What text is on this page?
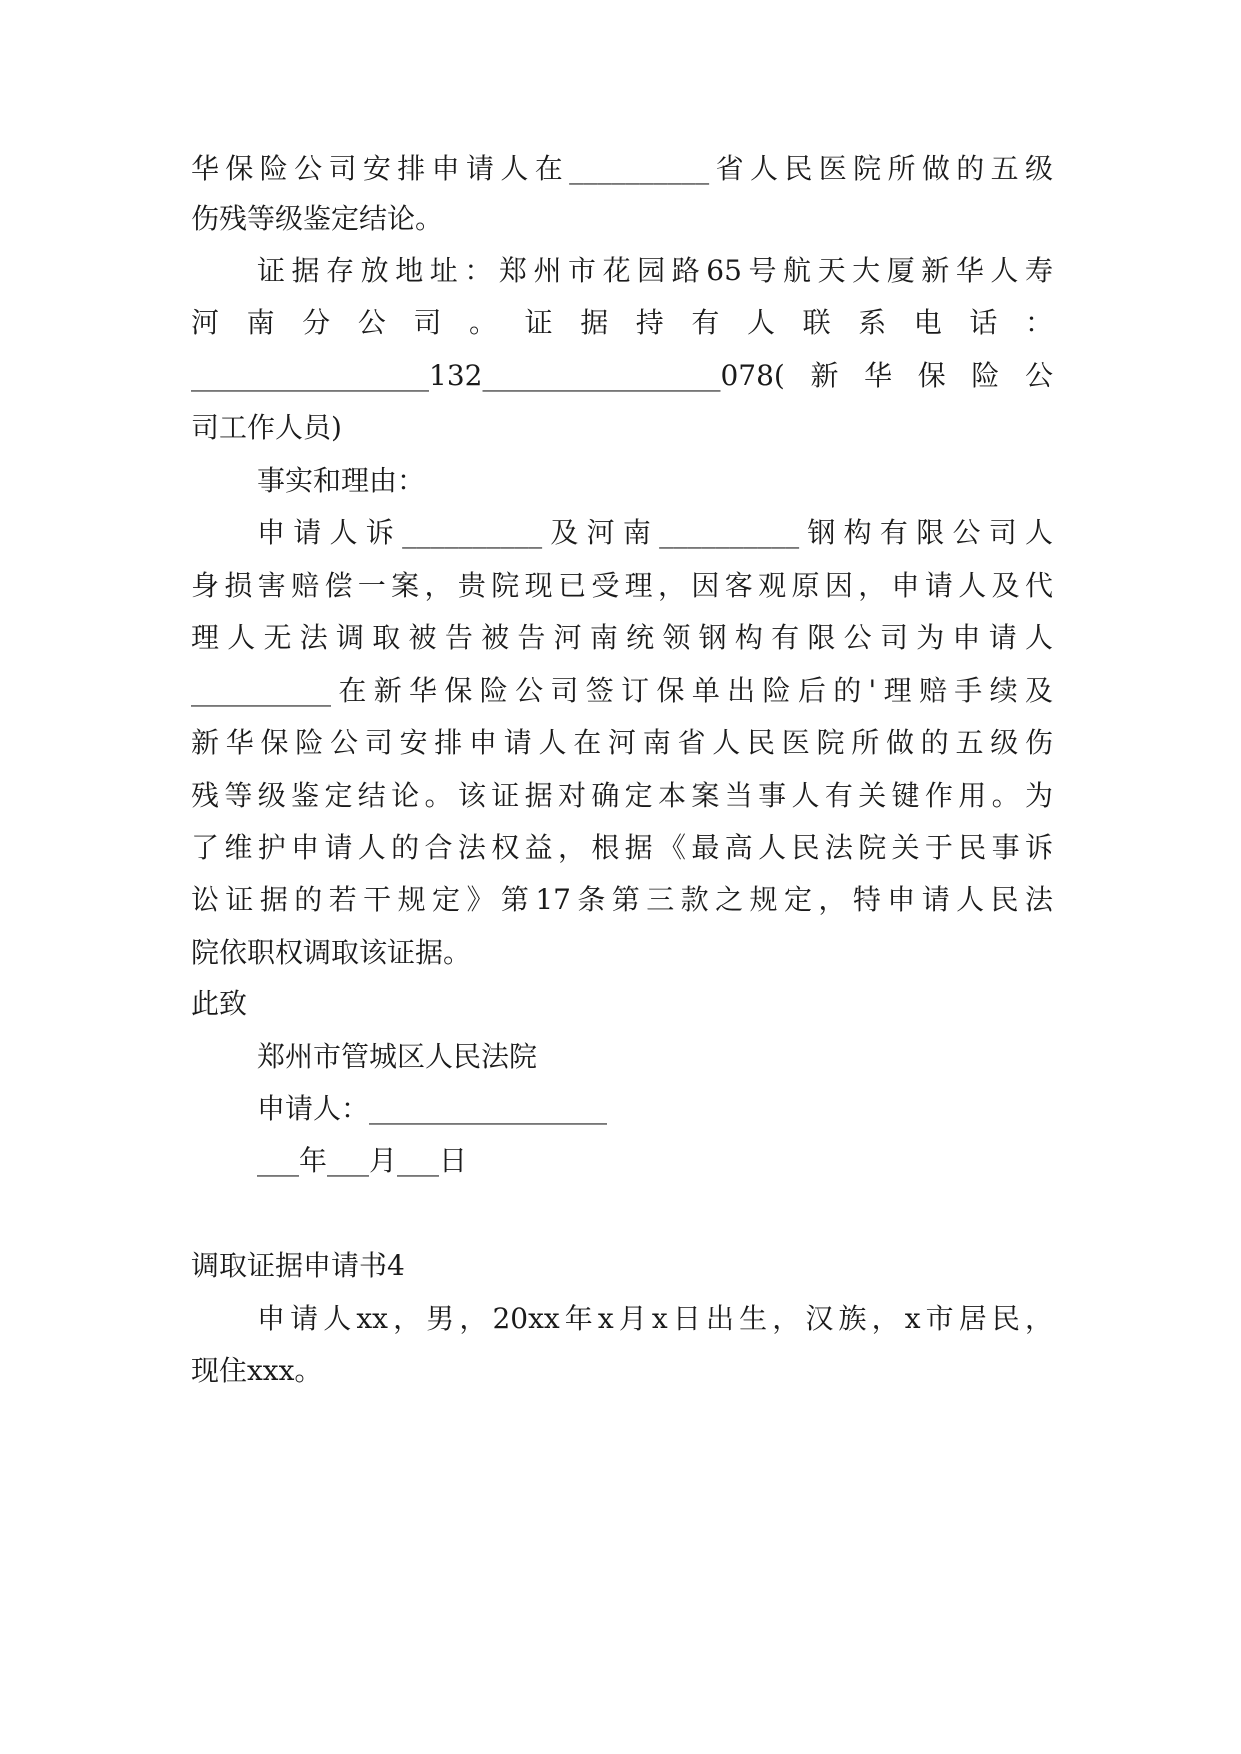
华保险公司安排申请人在__________省人民医院所做的五级
伤残等级鉴定结论。
证据存放地址：郑州市花园路65号航天大厦新华人寿
河 南 分 公 司 。 证 据 持 有 人 联 系 电 话 ：
_________________132_________________078(新华保险公
司工作人员)
事实和理由：
申请人诉__________及河南__________钢构有限公司人
身损害赔偿一案，贵院现已受理，因客观原因，申请人及代
理人无法调取被告被告河南统领钢构有限公司为申请人
__________在新华保险公司签订保单出险后的'理赔手续及
新华保险公司安排申请人在河南省人民医院所做的五级伤
残等级鉴定结论。该证据对确定本案当事人有关键作用。为
了维护申请人的合法权益，根据《最高人民法院关于民事诉
讼证据的若干规定》第17条第三款之规定，特申请人民法
院依职权调取该证据。
此致
郑州市管城区人民法院
申请人：_________________
___年___月___日
调取证据申请书4
申请人xx，男，20xx年x月x日出生，汉族，x市居民，
现住xxx。
